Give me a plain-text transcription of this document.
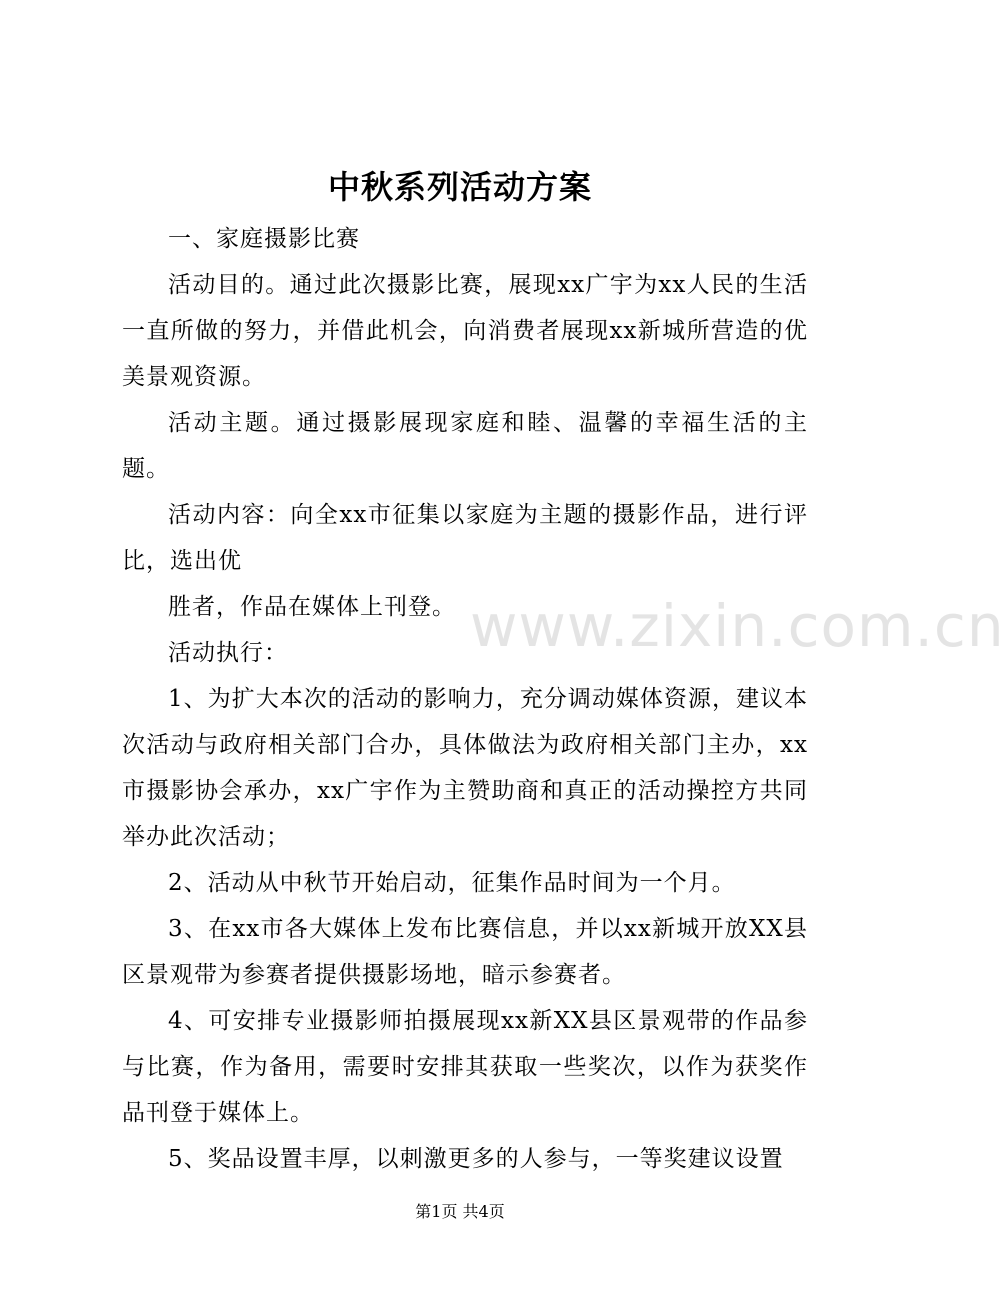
www.zixin.com.cn
中秋系列活动方案

一、家庭摄影比赛

活动目的。通过此次摄影比赛，展现xx广宇为xx人民的生活一直所做的努力，并借此机会，向消费者展现xx新城所营造的优美景观资源。

活动主题。通过摄影展现家庭和睦、温馨的幸福生活的主题。

活动内容：向全xx市征集以家庭为主题的摄影作品，进行评比，选出优

胜者，作品在媒体上刊登。

活动执行：

1、为扩大本次的活动的影响力，充分调动媒体资源，建议本次活动与政府相关部门合办，具体做法为政府相关部门主办，xx市摄影协会承办，xx广宇作为主赞助商和真正的活动操控方共同举办此次活动；

2、活动从中秋节开始启动，征集作品时间为一个月。

3、在xx市各大媒体上发布比赛信息，并以xx新城开放XX县区景观带为参赛者提供摄影场地，暗示参赛者。

4、可安排专业摄影师拍摄展现xx新XX县区景观带的作品参与比赛，作为备用，需要时安排其获取一些奖次，以作为获奖作品刊登于媒体上。

5、奖品设置丰厚，以刺激更多的人参与，一等奖建议设置

第1页 共4页
